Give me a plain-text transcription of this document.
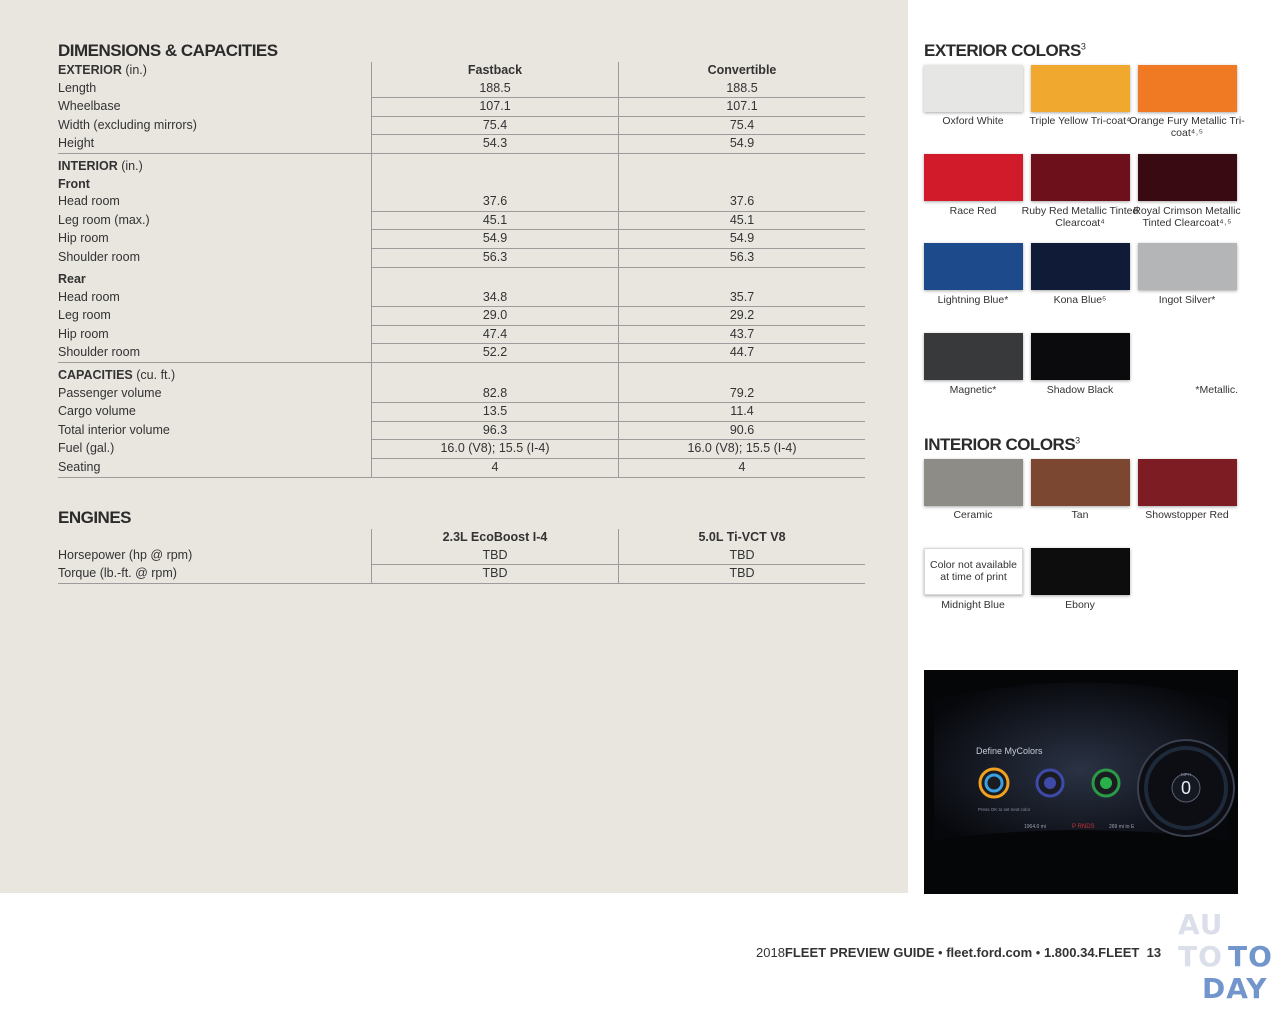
DIMENSIONS & CAPACITIES
EXTERIOR (in.)	Fastback	Convertible
Length	188.5	188.5
Wheelbase	107.1	107.1
Width (excluding mirrors)	75.4	75.4
Height	54.3	54.9
INTERIOR (in.)		
Front		
Head room	37.6	37.6
Leg room (max.)	45.1	45.1
Hip room	54.9	54.9
Shoulder room	56.3	56.3
Rear		
Head room	34.8	35.7
Leg room	29.0	29.2
Hip room	47.4	43.7
Shoulder room	52.2	44.7
CAPACITIES (cu. ft.)		
Passenger volume	82.8	79.2
Cargo volume	13.5	11.4
Total interior volume	96.3	90.6
Fuel (gal.)	16.0 (V8); 15.5 (I-4)	16.0 (V8); 15.5 (I-4)
Seating	4	4
ENGINES
	2.3L EcoBoost I-4	5.0L Ti-VCT V8
Horsepower (hp @ rpm)	TBD	TBD
Torque (lb.-ft. @ rpm)	TBD	TBD
EXTERIOR COLORS$^3$
Oxford White	Triple Yellow Tri-coat⁴
Orange Fury Metallic Tri-coat⁴˒⁵
Race Red	Ruby Red Metallic Tinted Clearcoat⁴
Royal Crimson Metallic Tinted Clearcoat⁴˒⁵
Lightning Blue*	Kona Blue⁵	Ingot Silver*
Magnetic*	Shadow Black	*Metallic.
INTERIOR COLORS$^3$
Ceramic	Tan	Showstopper Red
Color not available at time of print
Midnight Blue	Ebony
Define MyColors
Press OK to set next color
0
MPH
1964.0 mi	P RNDS	269 mi to E
2018FLEET PREVIEW GUIDE • fleet.ford.com • 1.800.34.FLEET 13
AU
TO TO
DAY
